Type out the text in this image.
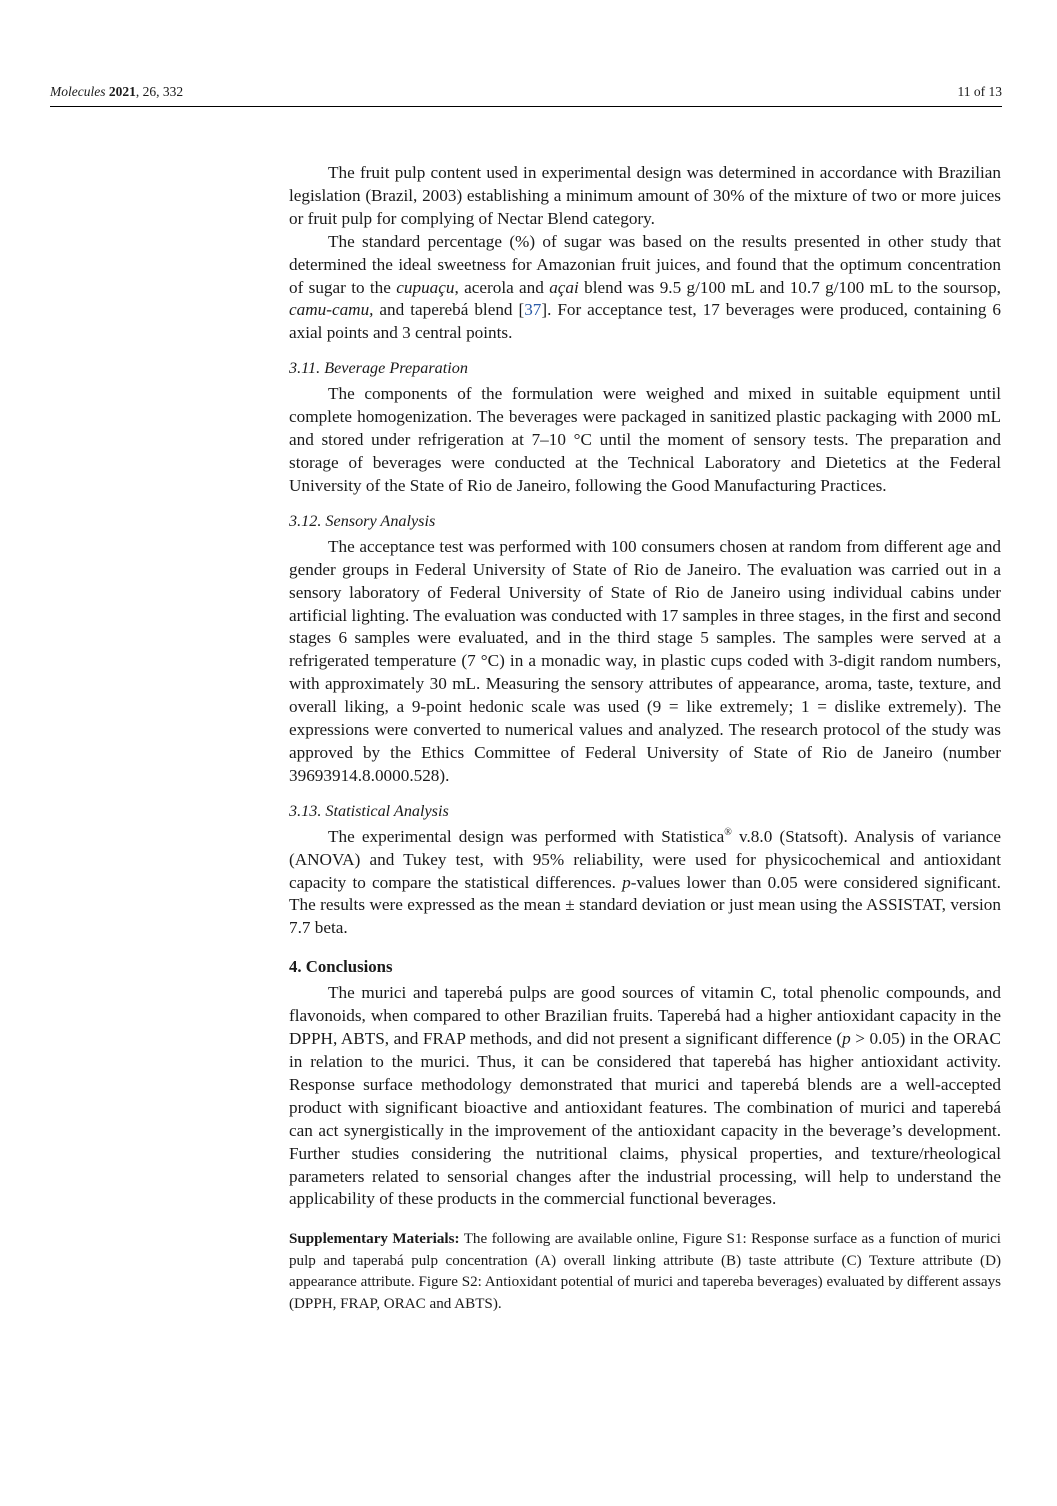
Molecules 2021, 26, 332	11 of 13

The fruit pulp content used in experimental design was determined in accordance with Brazilian legislation (Brazil, 2003) establishing a minimum amount of 30% of the mixture of two or more juices or fruit pulp for complying of Nectar Blend category.

The standard percentage (%) of sugar was based on the results presented in other study that determined the ideal sweetness for Amazonian fruit juices, and found that the optimum concentration of sugar to the cupuaçu, acerola and açai blend was 9.5 g/100 mL and 10.7 g/100 mL to the soursop, camu-camu, and taperebá blend [37]. For acceptance test, 17 beverages were produced, containing 6 axial points and 3 central points.

3.11. Beverage Preparation

The components of the formulation were weighed and mixed in suitable equipment until complete homogenization. The beverages were packaged in sanitized plastic packaging with 2000 mL and stored under refrigeration at 7–10 °C until the moment of sensory tests. The preparation and storage of beverages were conducted at the Technical Laboratory and Dietetics at the Federal University of the State of Rio de Janeiro, following the Good Manufacturing Practices.

3.12. Sensory Analysis

The acceptance test was performed with 100 consumers chosen at random from different age and gender groups in Federal University of State of Rio de Janeiro. The evaluation was carried out in a sensory laboratory of Federal University of State of Rio de Janeiro using individual cabins under artificial lighting. The evaluation was conducted with 17 samples in three stages, in the first and second stages 6 samples were evaluated, and in the third stage 5 samples. The samples were served at a refrigerated temperature (7 °C) in a monadic way, in plastic cups coded with 3-digit random numbers, with approximately 30 mL. Measuring the sensory attributes of appearance, aroma, taste, texture, and overall liking, a 9-point hedonic scale was used (9 = like extremely; 1 = dislike extremely). The expressions were converted to numerical values and analyzed. The research protocol of the study was approved by the Ethics Committee of Federal University of State of Rio de Janeiro (number 39693914.8.0000.528).

3.13. Statistical Analysis

The experimental design was performed with Statistica® v.8.0 (Statsoft). Analysis of variance (ANOVA) and Tukey test, with 95% reliability, were used for physicochemical and antioxidant capacity to compare the statistical differences. p-values lower than 0.05 were considered significant. The results were expressed as the mean ± standard deviation or just mean using the ASSISTAT, version 7.7 beta.

4. Conclusions

The murici and taperebá pulps are good sources of vitamin C, total phenolic compounds, and flavonoids, when compared to other Brazilian fruits. Taperebá had a higher antioxidant capacity in the DPPH, ABTS, and FRAP methods, and did not present a significant difference (p > 0.05) in the ORAC in relation to the murici. Thus, it can be considered that taperebá has higher antioxidant activity. Response surface methodology demonstrated that murici and taperebá blends are a well-accepted product with significant bioactive and antioxidant features. The combination of murici and taperebá can act synergistically in the improvement of the antioxidant capacity in the beverage’s development. Further studies considering the nutritional claims, physical properties, and texture/rheological parameters related to sensorial changes after the industrial processing, will help to understand the applicability of these products in the commercial functional beverages.

Supplementary Materials: The following are available online, Figure S1: Response surface as a function of murici pulp and taperabá pulp concentration (A) overall linking attribute (B) taste attribute (C) Texture attribute (D) appearance attribute. Figure S2: Antioxidant potential of murici and tapereba beverages) evaluated by different assays (DPPH, FRAP, ORAC and ABTS).
